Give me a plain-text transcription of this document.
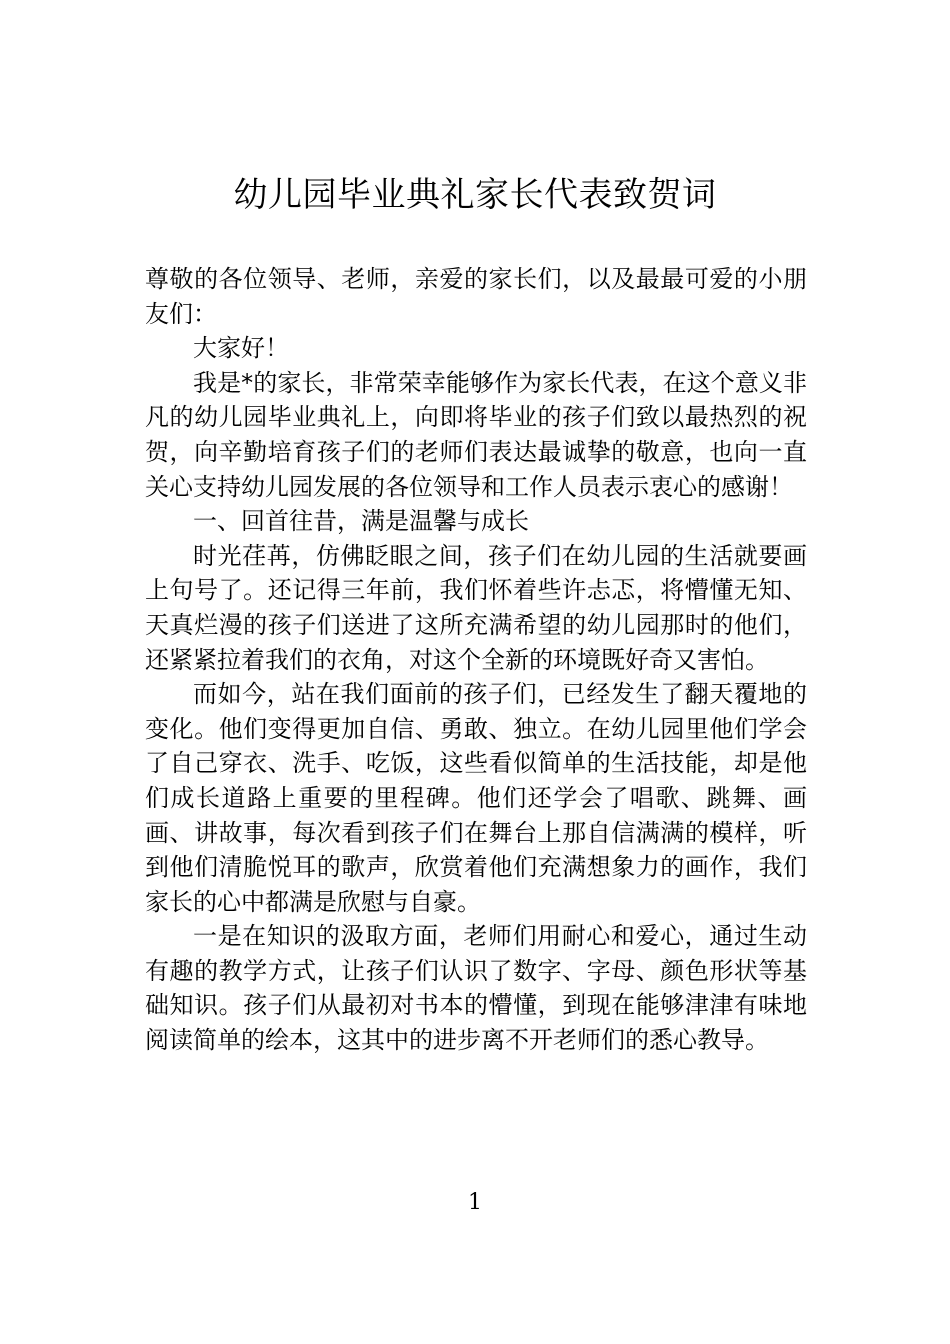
幼儿园毕业典礼家长代表致贺词

尊敬的各位领导、老师，亲爱的家长们，以及最最可爱的小朋友们：

大家好！

我是*的家长，非常荣幸能够作为家长代表，在这个意义非凡的幼儿园毕业典礼上，向即将毕业的孩子们致以最热烈的祝贺，向辛勤培育孩子们的老师们表达最诚挚的敬意，也向一直关心支持幼儿园发展的各位领导和工作人员表示衷心的感谢！

一、回首往昔，满是温馨与成长

时光荏苒，仿佛眨眼之间，孩子们在幼儿园的生活就要画上句号了。还记得三年前，我们怀着些许忐忑，将懵懂无知、天真烂漫的孩子们送进了这所充满希望的幼儿园那时的他们，还紧紧拉着我们的衣角，对这个全新的环境既好奇又害怕。

而如今，站在我们面前的孩子们，已经发生了翻天覆地的变化。他们变得更加自信、勇敢、独立。在幼儿园里他们学会了自己穿衣、洗手、吃饭，这些看似简单的生活技能，却是他们成长道路上重要的里程碑。他们还学会了唱歌、跳舞、画画、讲故事，每次看到孩子们在舞台上那自信满满的模样，听到他们清脆悦耳的歌声，欣赏着他们充满想象力的画作，我们家长的心中都满是欣慰与自豪。

一是在知识的汲取方面，老师们用耐心和爱心，通过生动有趣的教学方式，让孩子们认识了数字、字母、颜色形状等基础知识。孩子们从最初对书本的懵懂，到现在能够津津有味地阅读简单的绘本，这其中的进步离不开老师们的悉心教导。

1
